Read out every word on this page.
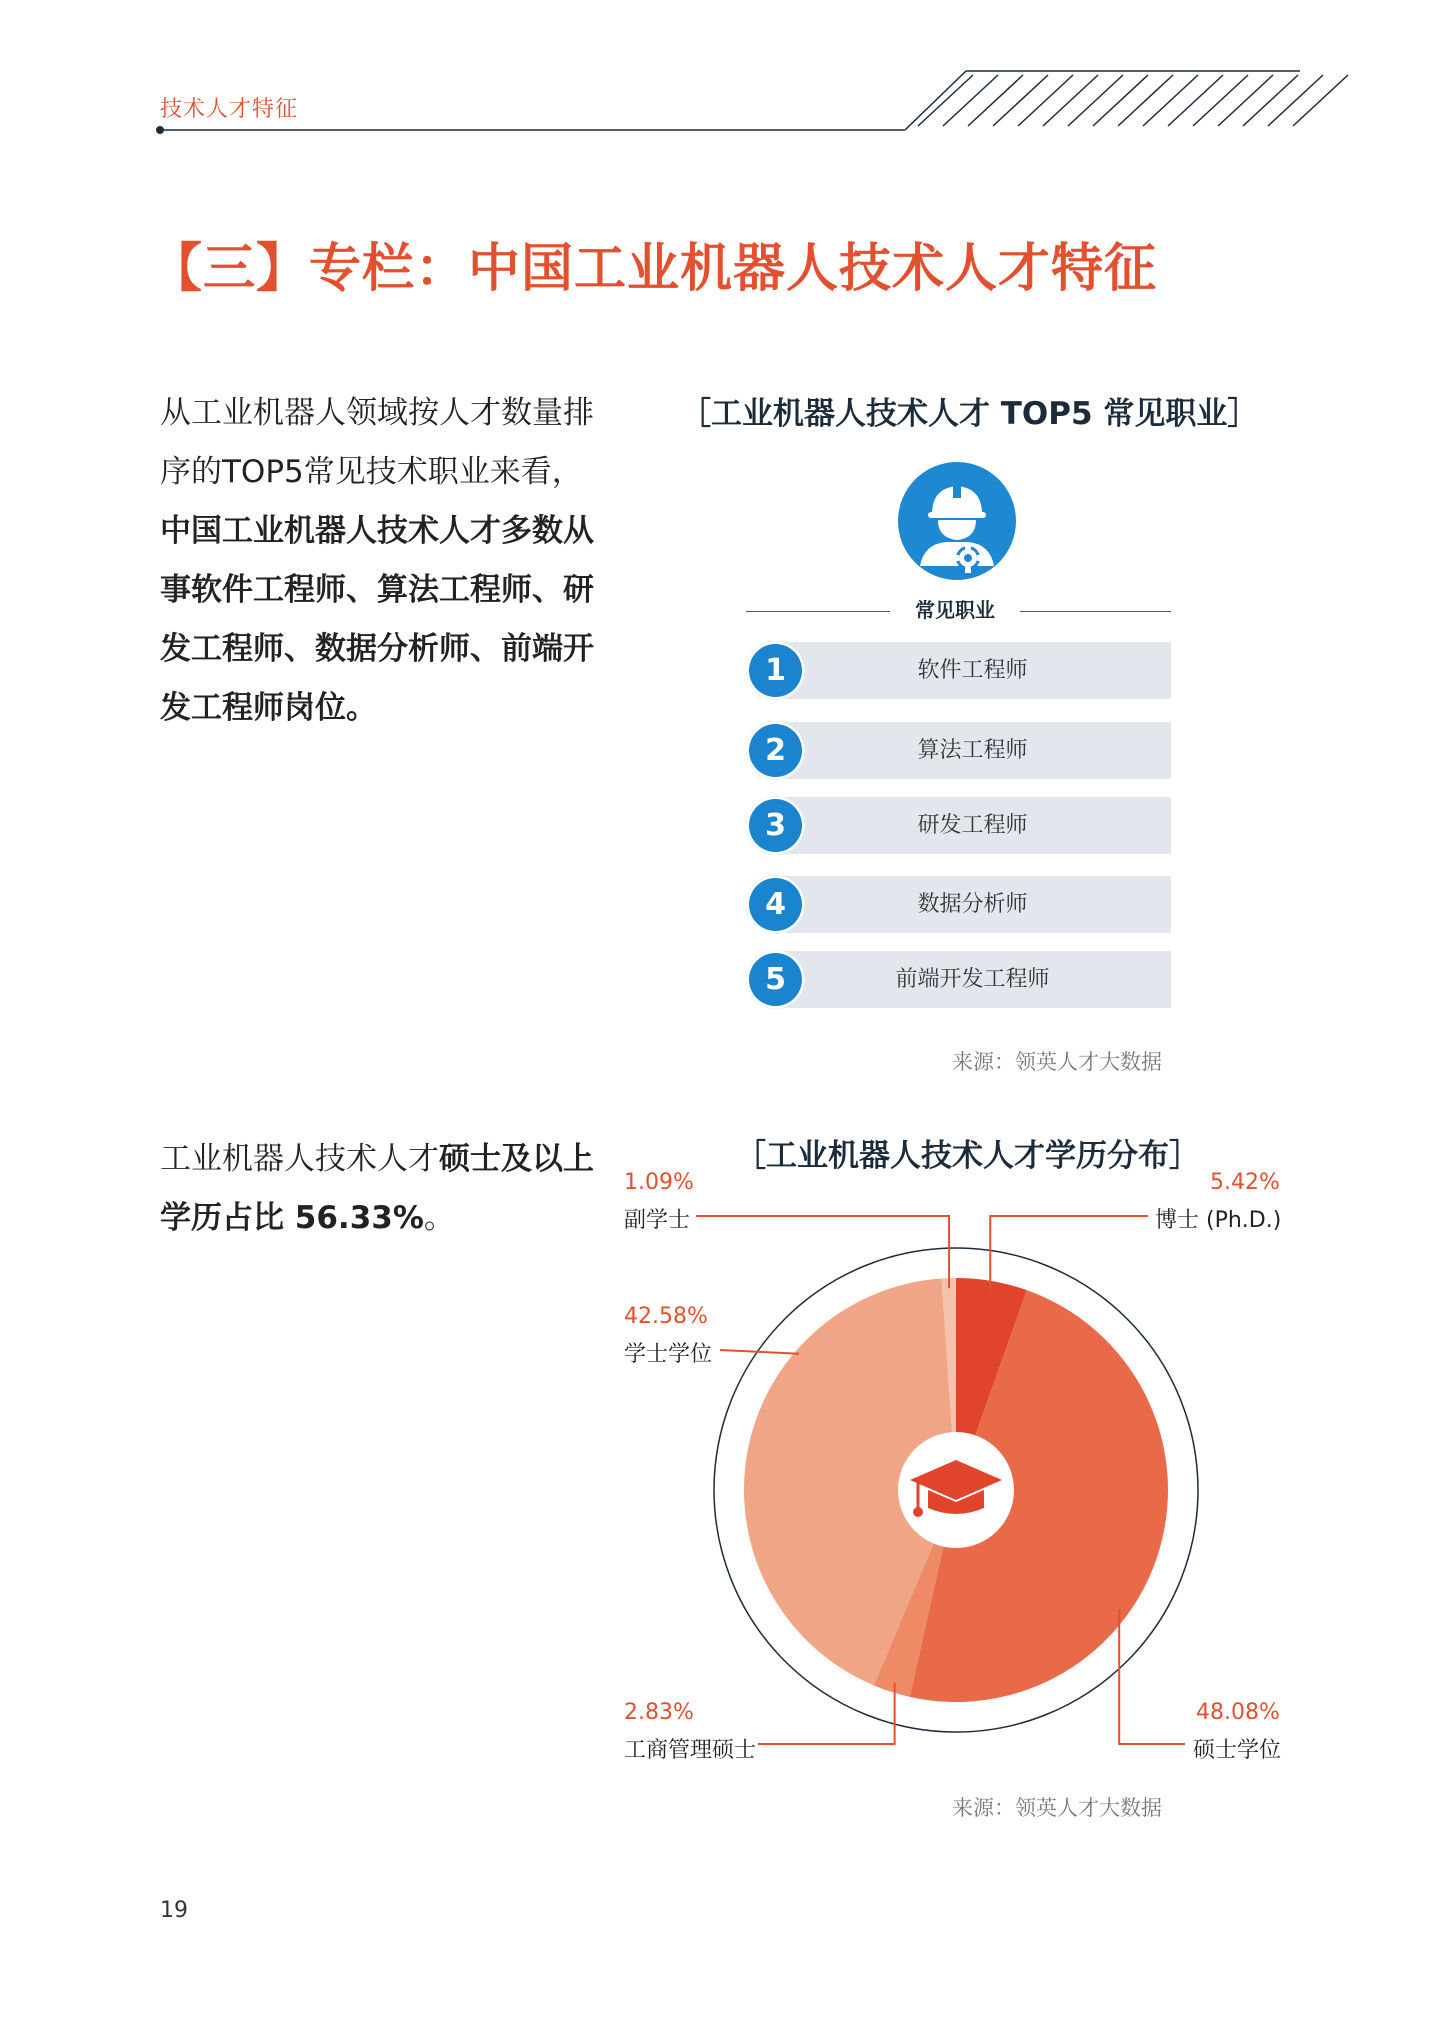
技术人才特征
【三】专栏：中国工业机器人技术人才特征
从工业机器人领域按人才数量排序的TOP5常见技术职业来看，中国工业机器人技术人才多数从事软件工程师、算法工程师、研发工程师、数据分析师、前端开发工程师岗位。
［工业机器人技术人才 TOP5 常见职业］
常见职业
1	软件工程师
2	算法工程师
3	研发工程师
4	数据分析师
5	前端开发工程师
来源：领英人才大数据
工业机器人技术人才硕士及以上学历占比 56.33%。
［工业机器人技术人才学历分布］
5.42%
博士 (Ph.D.)
48.08%
硕士学位
2.83%
工商管理硕士
42.58%
学士学位
1.09%
副学士
来源：领英人才大数据
19
